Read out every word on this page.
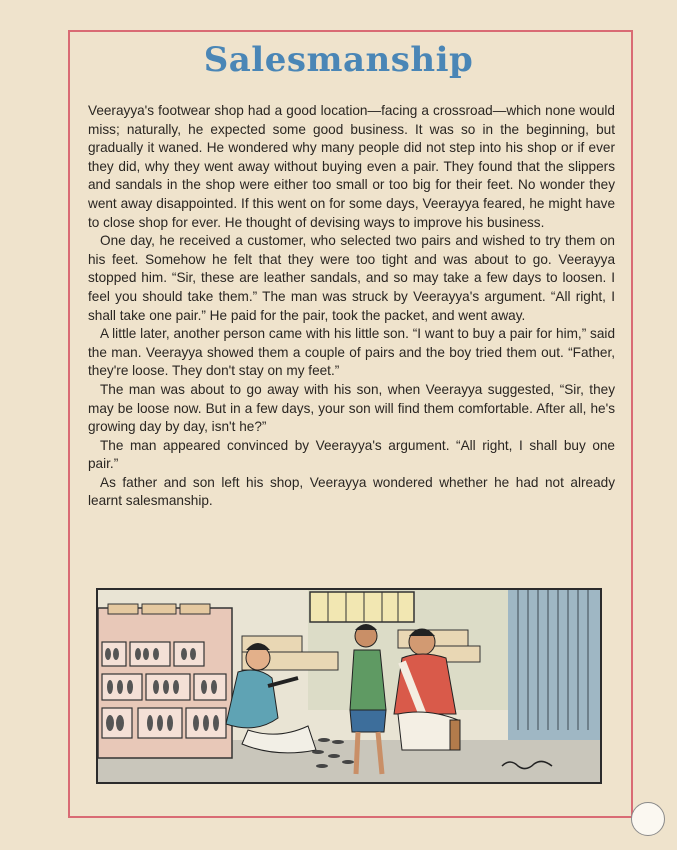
Salesmanship

Veerayya's footwear shop had a good location—facing a crossroad—which none would miss; naturally, he expected some good business. It was so in the beginning, but gradually it waned. He wondered why many people did not step into his shop or if ever they did, why they went away without buying even a pair. They found that the slippers and sandals in the shop were either too small or too big for their feet. No wonder they went away disappointed. If this went on for some days, Veerayya feared, he might have to close shop for ever. He thought of devising ways to improve his business.

One day, he received a customer, who selected two pairs and wished to try them on his feet. Somehow he felt that they were too tight and was about to go. Veerayya stopped him. “Sir, these are leather sandals, and so may take a few days to loosen. I feel you should take them.” The man was struck by Veerayya's argument. “All right, I shall take one pair.” He paid for the pair, took the packet, and went away.

A little later, another person came with his little son. “I want to buy a pair for him,” said the man. Veerayya showed them a couple of pairs and the boy tried them out. “Father, they're loose. They don't stay on my feet.”

The man was about to go away with his son, when Veerayya suggested, “Sir, they may be loose now. But in a few days, your son will find them comfortable. After all, he's growing day by day, isn't he?”

The man appeared convinced by Veerayya's argument. “All right, I shall buy one pair.”

As father and son left his shop, Veerayya wondered whether he had not already learnt salesmanship.
